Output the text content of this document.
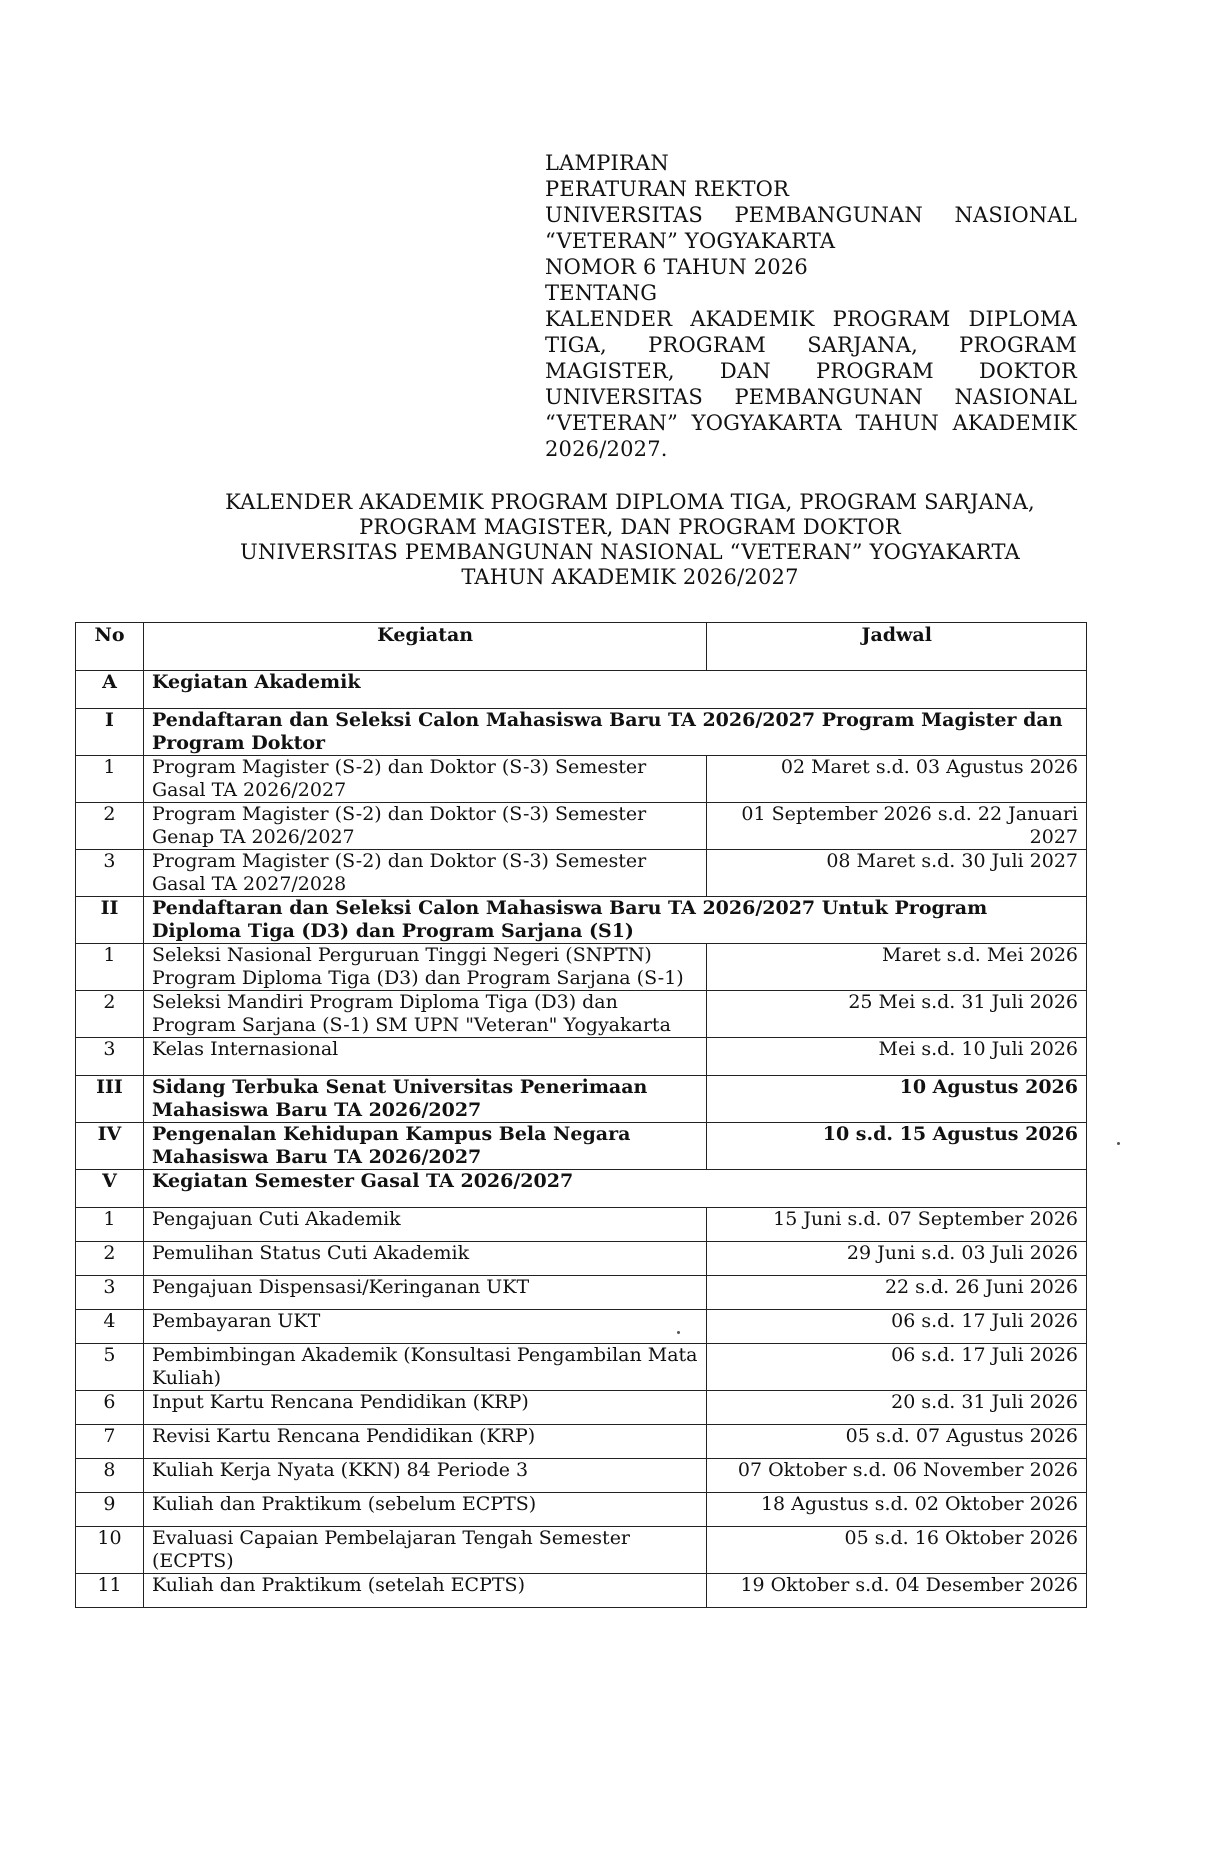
LAMPIRAN
PERATURAN REKTOR
UNIVERSITAS PEMBANGUNAN NASIONAL
“VETERAN” YOGYAKARTA
NOMOR 6 TAHUN 2026
TENTANG
KALENDER AKADEMIK PROGRAM DIPLOMA
TIGA, PROGRAM SARJANA, PROGRAM
MAGISTER, DAN PROGRAM DOKTOR
UNIVERSITAS PEMBANGUNAN NASIONAL
“VETERAN” YOGYAKARTA TAHUN AKADEMIK
2026/2027.
KALENDER AKADEMIK PROGRAM DIPLOMA TIGA, PROGRAM SARJANA,
PROGRAM MAGISTER, DAN PROGRAM DOKTOR
UNIVERSITAS PEMBANGUNAN NASIONAL “VETERAN” YOGYAKARTA
TAHUN AKADEMIK 2026/2027
No	Kegiatan	Jadwal
A	Kegiatan Akademik	
I	Pendaftaran dan Seleksi Calon Mahasiswa Baru TA 2026/2027 Program Magister dan Program Doktor	
1	Program Magister (S-2) dan Doktor (S-3) Semester Gasal TA 2026/2027	02 Maret s.d. 03 Agustus 2026
2	Program Magister (S-2) dan Doktor (S-3) Semester Genap TA 2026/2027	01 September 2026 s.d. 22 Januari 2027
3	Program Magister (S-2) dan Doktor (S-3) Semester Gasal TA 2027/2028	08 Maret s.d. 30 Juli 2027
II	Pendaftaran dan Seleksi Calon Mahasiswa Baru TA 2026/2027 Untuk Program Diploma Tiga (D3) dan Program Sarjana (S1)	
1	Seleksi Nasional Perguruan Tinggi Negeri (SNPTN) Program Diploma Tiga (D3) dan Program Sarjana (S-1)	Maret s.d. Mei 2026
2	Seleksi Mandiri Program Diploma Tiga (D3) dan Program Sarjana (S-1) SM UPN "Veteran" Yogyakarta	25 Mei s.d. 31 Juli 2026
3	Kelas Internasional	Mei s.d. 10 Juli 2026
III	Sidang Terbuka Senat Universitas Penerimaan Mahasiswa Baru TA 2026/2027	10 Agustus 2026
IV	Pengenalan Kehidupan Kampus Bela Negara Mahasiswa Baru TA 2026/2027	10 s.d. 15 Agustus 2026
V	Kegiatan Semester Gasal TA 2026/2027	
1	Pengajuan Cuti Akademik	15 Juni s.d. 07 September 2026
2	Pemulihan Status Cuti Akademik	29 Juni s.d. 03 Juli 2026
3	Pengajuan Dispensasi/Keringanan UKT	22 s.d. 26 Juni 2026
4	Pembayaran UKT	06 s.d. 17 Juli 2026
5	Pembimbingan Akademik (Konsultasi Pengambilan Mata Kuliah)	06 s.d. 17 Juli 2026
6	Input Kartu Rencana Pendidikan (KRP)	20 s.d. 31 Juli 2026
7	Revisi Kartu Rencana Pendidikan (KRP)	05 s.d. 07 Agustus 2026
8	Kuliah Kerja Nyata (KKN) 84 Periode 3	07 Oktober s.d. 06 November 2026
9	Kuliah dan Praktikum (sebelum ECPTS)	18 Agustus s.d. 02 Oktober 2026
10	Evaluasi Capaian Pembelajaran Tengah Semester (ECPTS)	05 s.d. 16 Oktober 2026
11	Kuliah dan Praktikum (setelah ECPTS)	19 Oktober s.d. 04 Desember 2026
